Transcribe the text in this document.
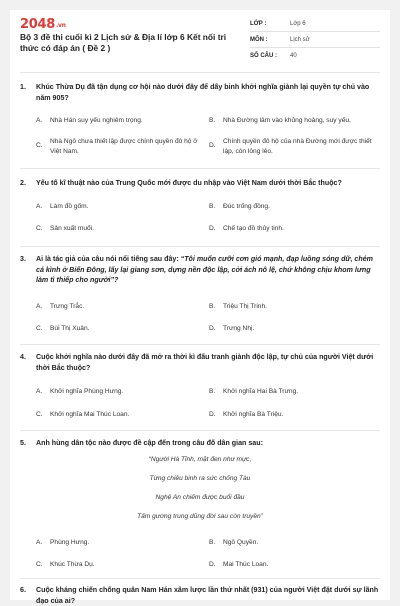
2048.vn
Bộ 3 đề thi cuối kì 2 Lịch sử & Địa lí lớp 6 Kết nối tri thức có đáp án ( Đề 2 )
LỚP :	Lớp 6
MÔN :	Lịch sử
SỐ CÂU :	40
1.	Khúc Thừa Dụ đã tận dụng cơ hội nào dưới đây để dấy binh khởi nghĩa giành lại quyền tự chủ vào năm 905?
A.	Nhà Hán suy yếu nghiêm trọng.	B.	Nhà Đường lâm vào khủng hoảng, suy yếu.
C.
Nhà Ngô chưa thiết lập được chính quyền đô hộ ở Việt Nam.
D.
Chính quyền đô hộ của nhà Đường mới được thiết lập, còn lỏng lẻo.
2.	Yếu tố kĩ thuật nào của Trung Quốc mới được du nhập vào Việt Nam dưới thời Bắc thuộc?
A.	Làm đồ gốm.	B.	Đúc trống đồng.
C.	Sản xuất muối.	D.	Chế tạo đồ thủy tinh.
3.	Ai là tác giả của câu nói nổi tiếng sau đây: “Tôi muốn cưỡi cơn gió mạnh, đạp luồng sóng dữ, chém cá kình ở Biển Đông, lấy lại giang sơn, dựng nền độc lập, cởi ách nô lệ, chứ không chịu khom lưng làm tì thiếp cho người”?
A.	Trưng Trắc.	B.	Triệu Thị Trinh.
C.	Bùi Thị Xuân.	D.	Trưng Nhị.
4.	Cuộc khởi nghĩa nào dưới đây đã mở ra thời kì đấu tranh giành độc lập, tự chủ của người Việt dưới thời Bắc thuộc?
A.	Khởi nghĩa Phùng Hưng.	B.	Khởi nghĩa Hai Bà Trưng.
C.	Khởi nghĩa Mai Thúc Loan.	D.	Khởi nghĩa Bà Triệu.
5.	Anh hùng dân tộc nào được đề cập đến trong câu đố dân gian sau:
“Người Hà Tĩnh, mặt đen như mực,
Từng chiêu binh ra sức chống Tàu
Nghệ An chiếm được buổi đầu
Tấm gương trung dũng đời sau còn truyền”
A.	Phùng Hưng.	B.	Ngô Quyền.
C.	Khúc Thừa Dụ.	D.	Mai Thúc Loan.
6.	Cuộc kháng chiến chống quân Nam Hán xâm lược lần thứ nhất (931) của người Việt đặt dưới sự lãnh đạo của ai?
